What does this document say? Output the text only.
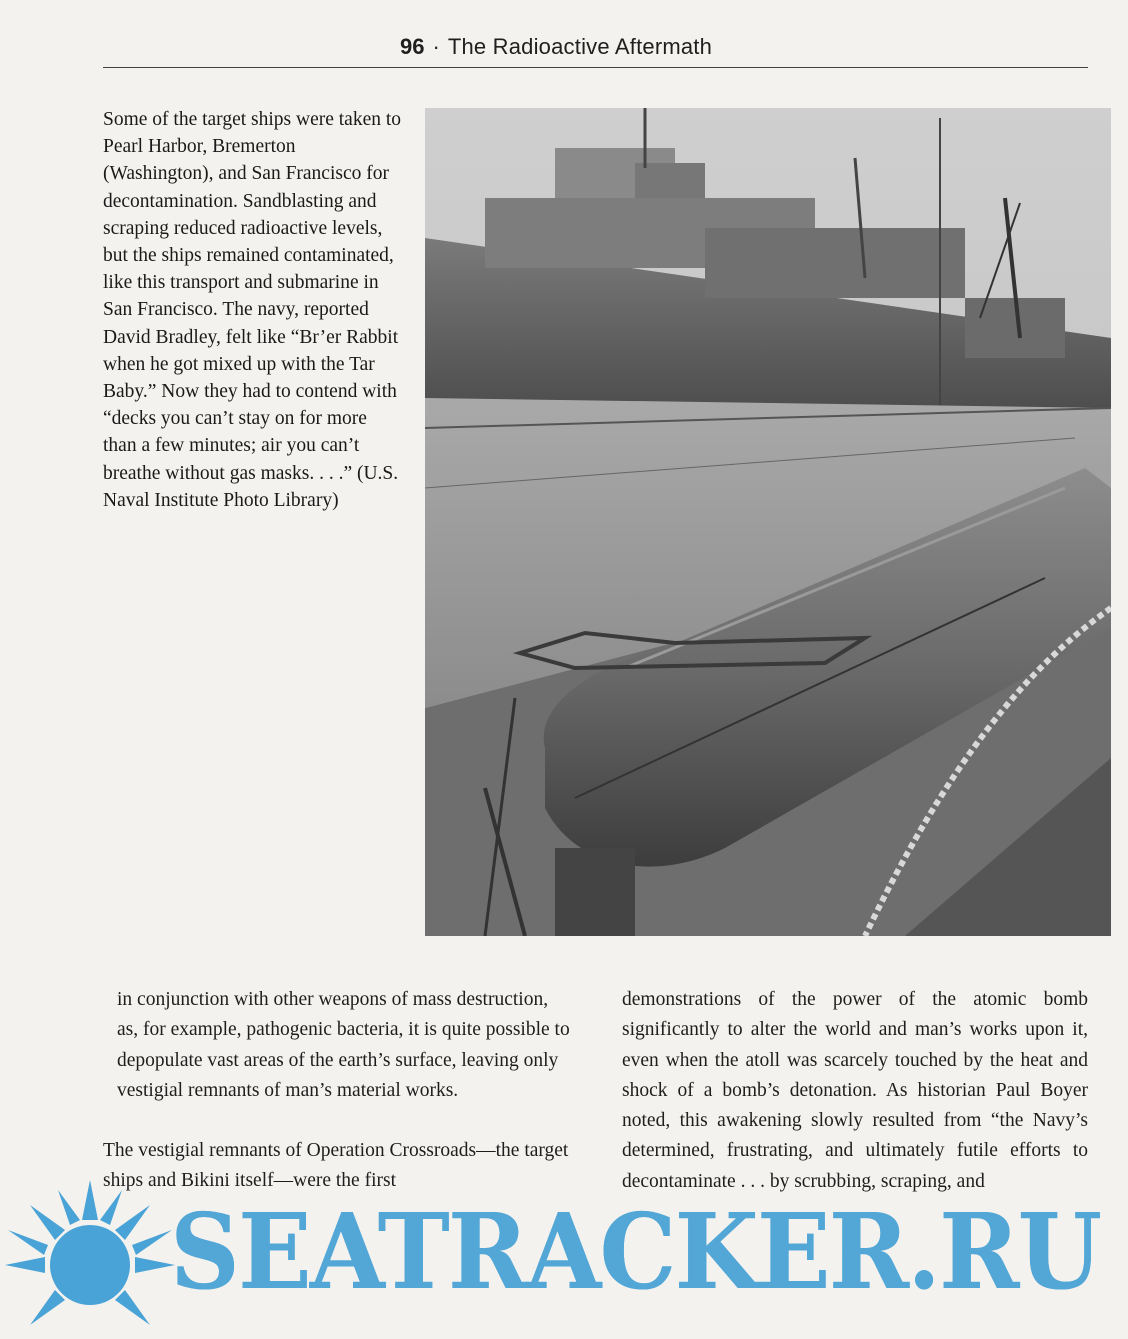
96 · The Radioactive Aftermath

Some of the target ships were taken to Pearl Harbor, Bremerton (Washington), and San Francisco for decontamination. Sandblasting and scraping reduced radioactive levels, but the ships remained contaminated, like this transport and submarine in San Francisco. The navy, reported David Bradley, felt like “Br’er Rabbit when he got mixed up with the Tar Baby.” Now they had to contend with “decks you can’t stay on for more than a few minutes; air you can’t breathe without gas masks. . . .” (U.S. Naval Institute Photo Library)

in conjunction with other weapons of mass destruction, as, for example, pathogenic bacteria, it is quite possible to depopulate vast areas of the earth’s surface, leaving only vestigial remnants of man’s material works.

The vestigial remnants of Operation Crossroads—the target ships and Bikini itself—were the first

demonstrations of the power of the atomic bomb significantly to alter the world and man’s works upon it, even when the atoll was scarcely touched by the heat and shock of a bomb’s detonation. As historian Paul Boyer noted, this awakening slowly resulted from “the Navy’s determined, frustrating, and ultimately futile efforts to decontaminate . . . by scrubbing, scraping, and

SEATRACKER.RU
